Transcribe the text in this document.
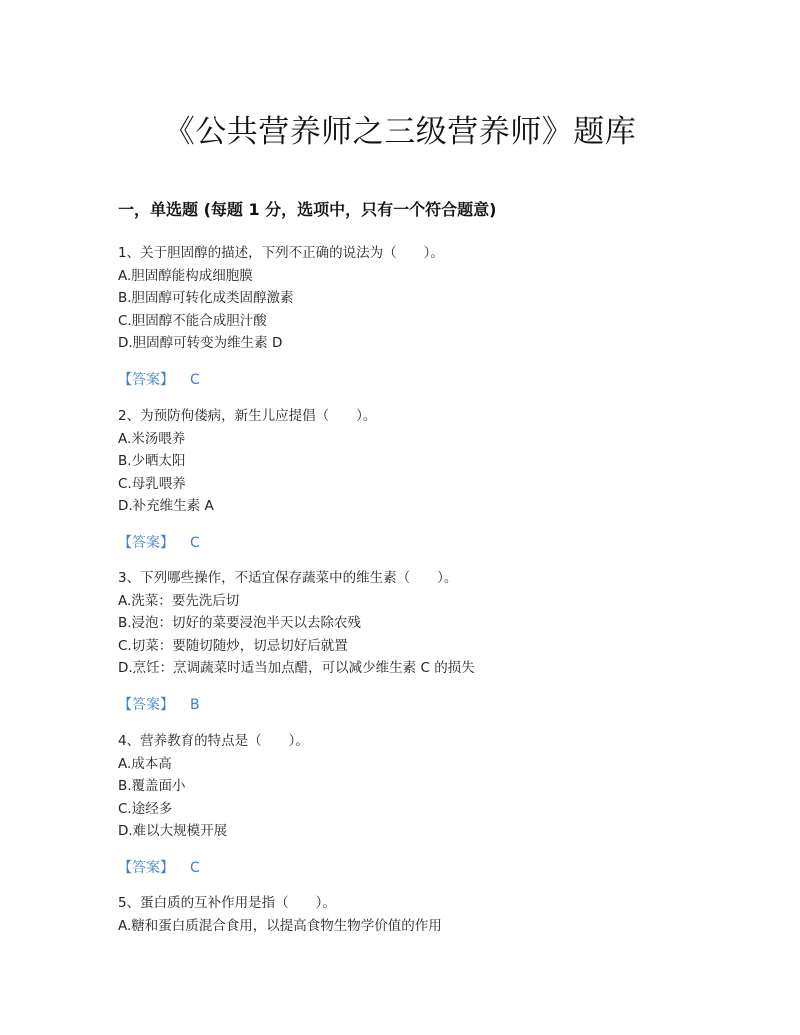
《公共营养师之三级营养师》题库
一，单选题 (每题 1 分，选项中，只有一个符合题意)
1、关于胆固醇的描述，下列不正确的说法为（　　）。
A.胆固醇能构成细胞膜
B.胆固醇可转化成类固醇激素
C.胆固醇不能合成胆汁酸
D.胆固醇可转变为维生素 D
【答案】 C
2、为预防佝偻病，新生儿应提倡（　　）。
A.米汤喂养
B.少晒太阳
C.母乳喂养
D.补充维生素 A
【答案】 C
3、下列哪些操作，不适宜保存蔬菜中的维生素（　　）。
A.洗菜：要先洗后切
B.浸泡：切好的菜要浸泡半天以去除农残
C.切菜：要随切随炒，切忌切好后就置
D.烹饪：烹调蔬菜时适当加点醋，可以减少维生素 C 的损失
【答案】 B
4、营养教育的特点是（　　）。
A.成本高
B.覆盖面小
C.途经多
D.难以大规模开展
【答案】 C
5、蛋白质的互补作用是指（　　）。
A.糖和蛋白质混合食用，以提高食物生物学价值的作用
